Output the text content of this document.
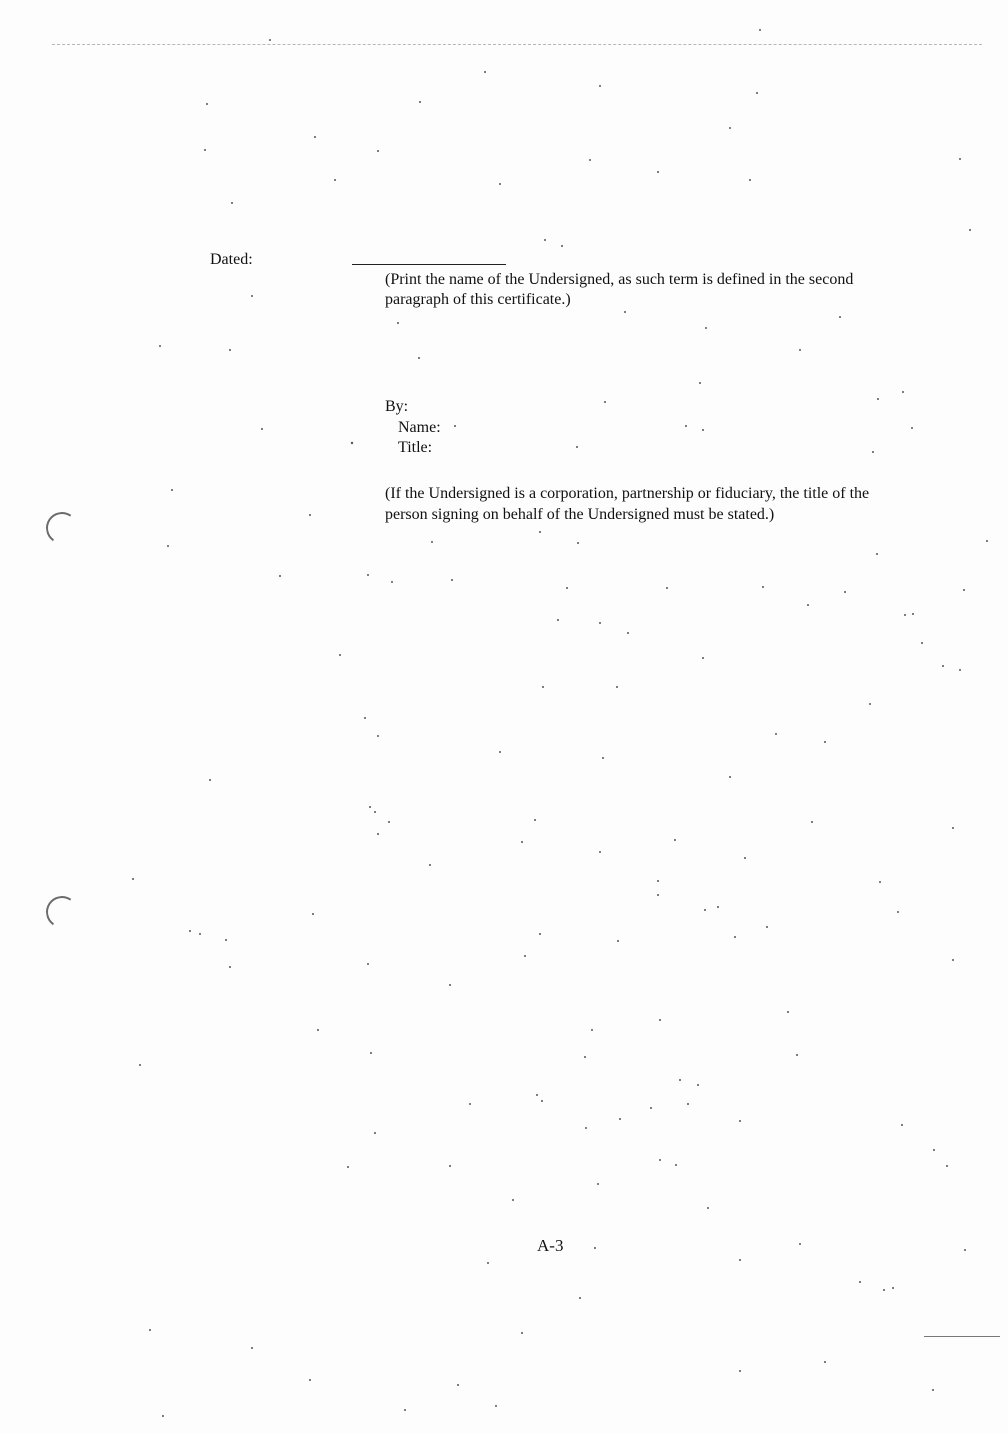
Dated:
(Print the name of the Undersigned, as such term is defined in the second paragraph of this certificate.)
By:
Name:
Title:
(If the Undersigned is a corporation, partnership or fiduciary, the title of the person signing on behalf of the Undersigned must be stated.)
A-3
